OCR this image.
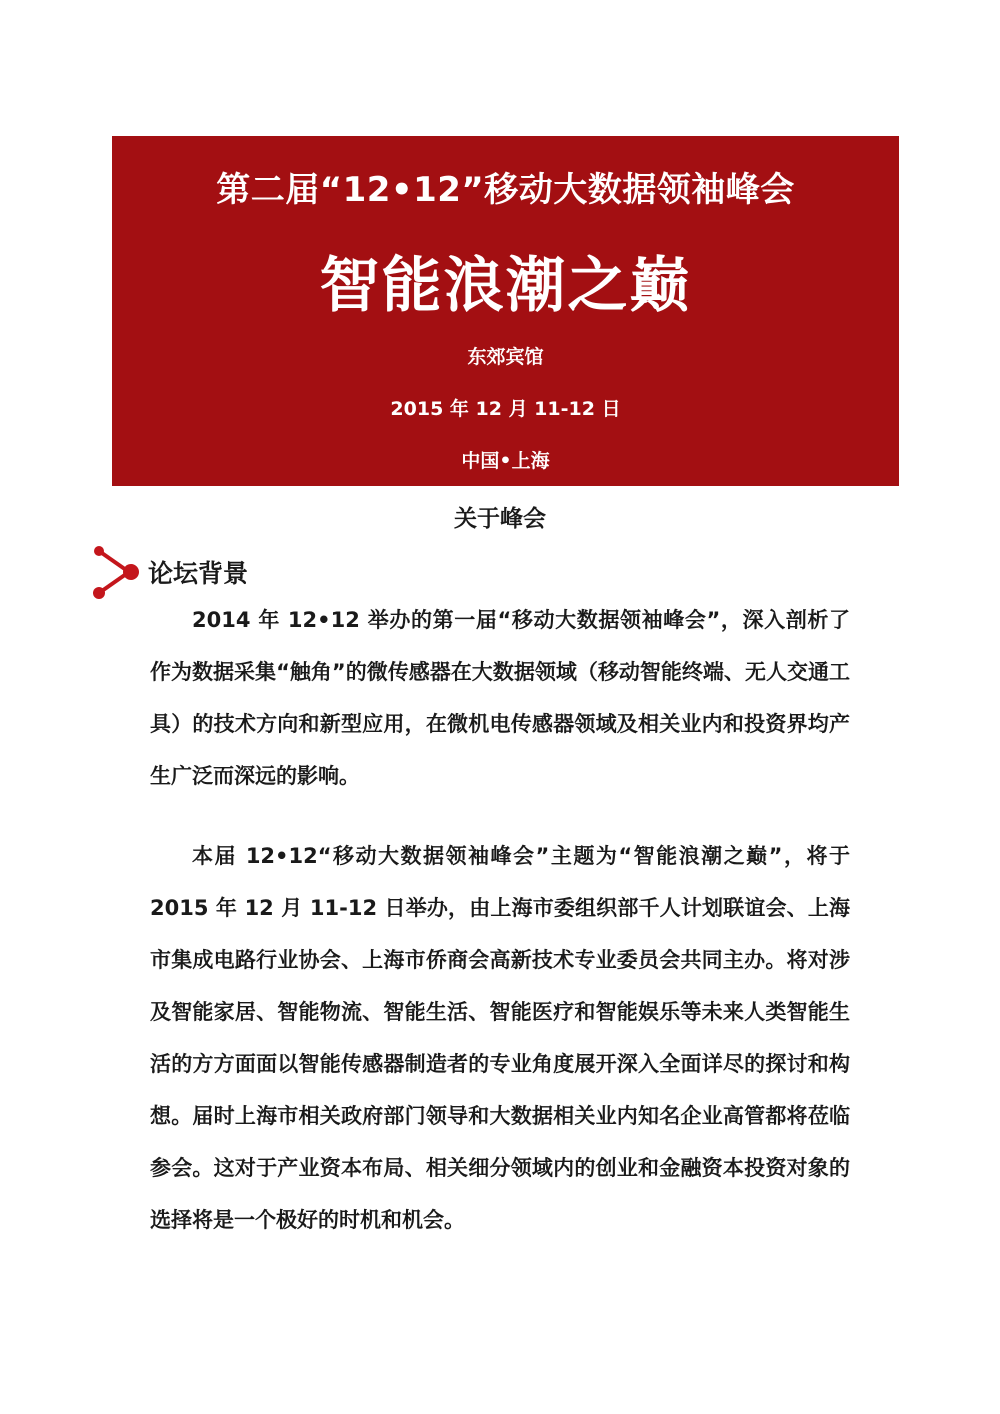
第二届“12•12”移动大数据领袖峰会
智能浪潮之巅
东郊宾馆
2015 年 12 月 11-12 日
中国•上海
关于峰会
论坛背景

2014 年 12•12 举办的第一届“移动大数据领袖峰会”，深入剖析了作为数据采集“触角”的微传感器在大数据领域（移动智能终端、无人交通工具）的技术方向和新型应用，在微机电传感器领域及相关业内和投资界均产生广泛而深远的影响。

本届 12•12“移动大数据领袖峰会”主题为“智能浪潮之巅”，将于 2015 年 12 月 11-12 日举办，由上海市委组织部千人计划联谊会、上海市集成电路行业协会、上海市侨商会高新技术专业委员会共同主办。将对涉及智能家居、智能物流、智能生活、智能医疗和智能娱乐等未来人类智能生活的方方面面以智能传感器制造者的专业角度展开深入全面详尽的探讨和构想。届时上海市相关政府部门领导和大数据相关业内知名企业高管都将莅临参会。这对于产业资本布局、相关细分领域内的创业和金融资本投资对象的选择将是一个极好的时机和机会。
